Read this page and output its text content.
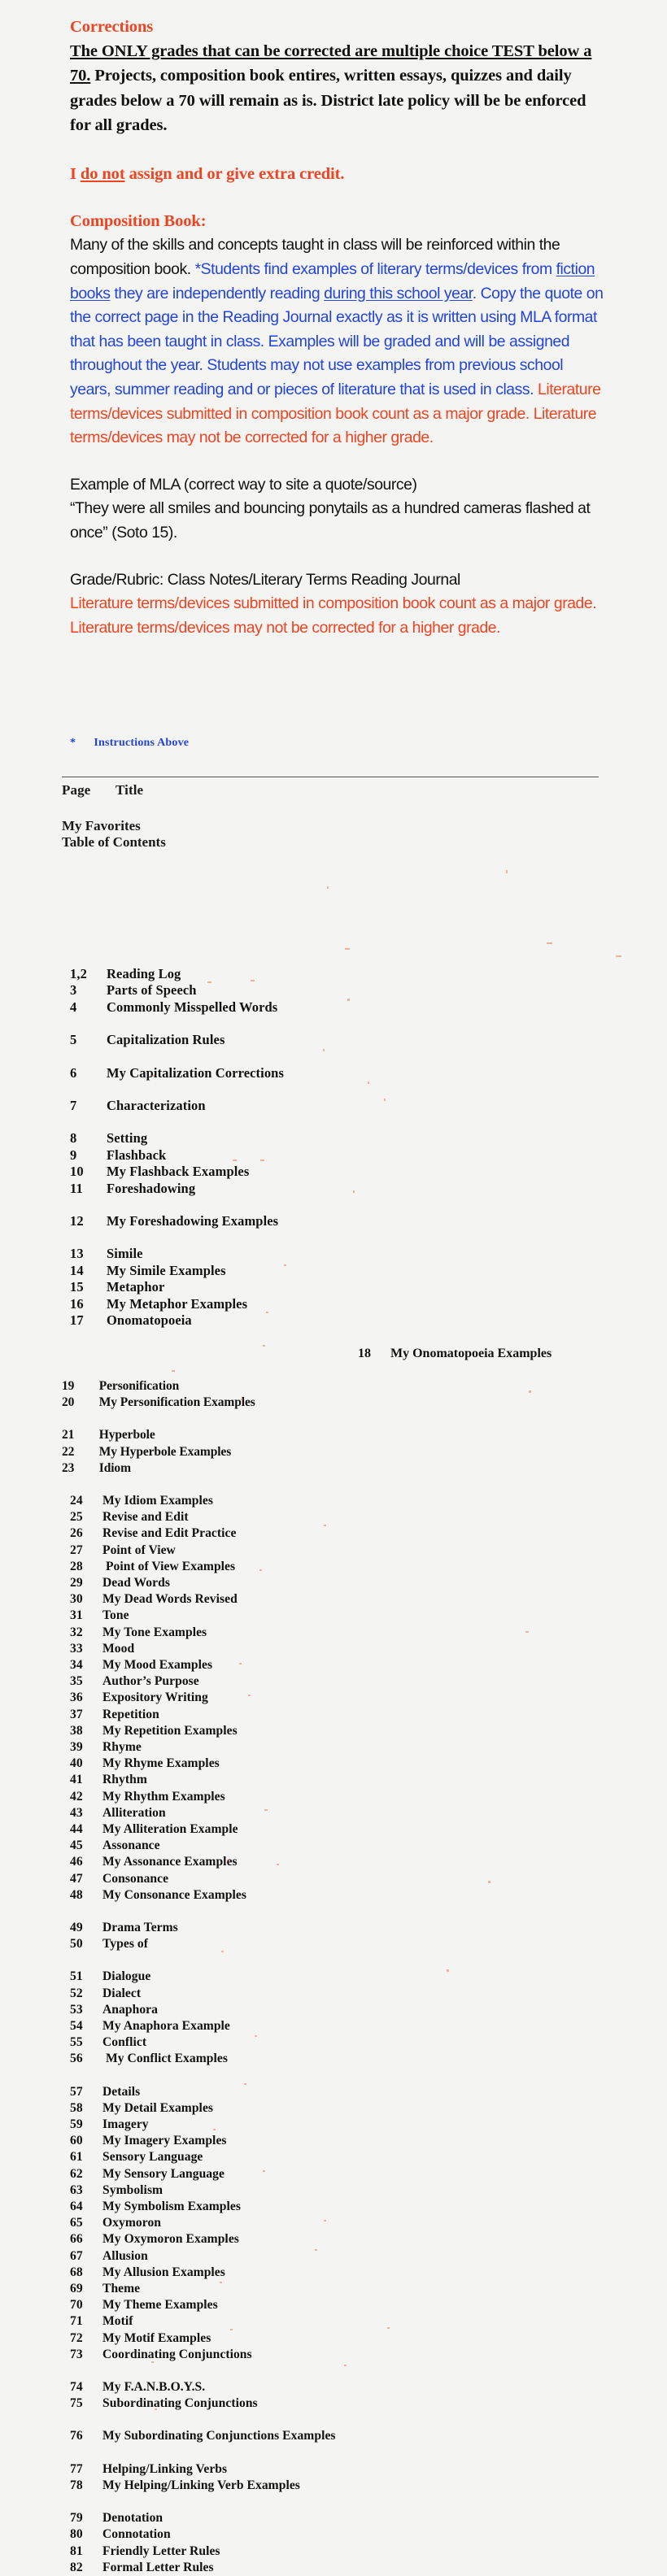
Corrections
The ONLY grades that can be corrected are multiple choice TEST below a 70. Projects, composition book entires, written essays, quizzes and daily grades below a 70 will remain as is. District late policy will be be enforced for all grades.
I do not assign and or give extra credit.
Composition Book:
Many of the skills and concepts taught in class will be reinforced within the composition book. *Students find examples of literary terms/devices from fiction books they are independently reading during this school year. Copy the quote on the correct page in the Reading Journal exactly as it is written using MLA format that has been taught in class. Examples will be graded and will be assigned throughout the year. Students may not use examples from previous school years, summer reading and or pieces of literature that is used in class. Literature terms/devices submitted in composition book count as a major grade. Literature terms/devices may not be corrected for a higher grade.
Example of MLA (correct way to site a quote/source)
“They were all smiles and bouncing ponytails as a hundred cameras flashed at once” (Soto 15).
Grade/Rubric: Class Notes/Literary Terms Reading Journal
Literature terms/devices submitted in composition book count as a major grade. Literature terms/devices may not be corrected for a higher grade.
* Instructions Above
Page Title
My Favorites
Table of Contents
1,2 Reading Log
3 Parts of Speech
4 Commonly Misspelled Words
5 Capitalization Rules
6 My Capitalization Corrections
7 Characterization
8 Setting
9 Flashback
10 My Flashback Examples
11 Foreshadowing
12 My Foreshadowing Examples
13 Simile
14 My Simile Examples
15 Metaphor
16 My Metaphor Examples
17 Onomatopoeia
18 My Onomatopoeia Examples
19 Personification
20 My Personification Examples
21 Hyperbole
22 My Hyperbole Examples
23 Idiom
24 My Idiom Examples
25 Revise and Edit
26 Revise and Edit Practice
27 Point of View
28 Point of View Examples
29 Dead Words
30 My Dead Words Revised
31 Tone
32 My Tone Examples
33 Mood
34 My Mood Examples
35 Author’s Purpose
36 Expository Writing
37 Repetition
38 My Repetition Examples
39 Rhyme
40 My Rhyme Examples
41 Rhythm
42 My Rhythm Examples
43 Alliteration
44 My Alliteration Example
45 Assonance
46 My Assonance Examples
47 Consonance
48 My Consonance Examples
49 Drama Terms
50 Types of
51 Dialogue
52 Dialect
53 Anaphora
54 My Anaphora Example
55 Conflict
56 My Conflict Examples
57 Details
58 My Detail Examples
59 Imagery
60 My Imagery Examples
61 Sensory Language
62 My Sensory Language
63 Symbolism
64 My Symbolism Examples
65 Oxymoron
66 My Oxymoron Examples
67 Allusion
68 My Allusion Examples
69 Theme
70 My Theme Examples
71 Motif
72 My Motif Examples
73 Coordinating Conjunctions
74 My F.A.N.B.O.Y.S.
75 Subordinating Conjunctions
76 My Subordinating Conjunctions Examples
77 Helping/Linking Verbs
78 My Helping/Linking Verb Examples
79 Denotation
80 Connotation
81 Friendly Letter Rules
82 Formal Letter Rules
